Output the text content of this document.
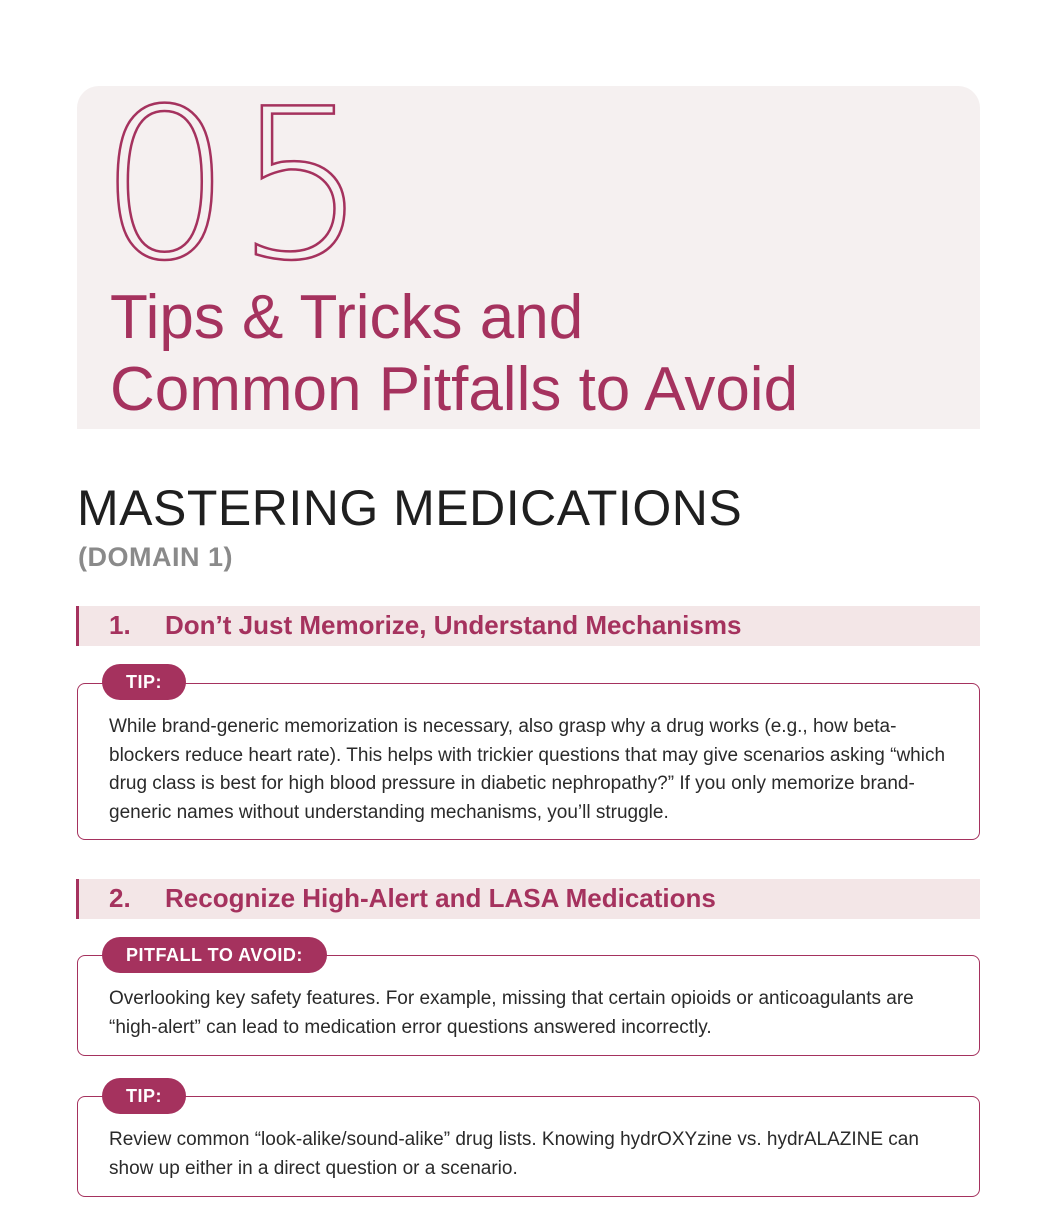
05
Tips & Tricks and
Common Pitfalls to Avoid
MASTERING MEDICATIONS
(DOMAIN 1)
1. Don’t Just Memorize, Understand Mechanisms

While brand-generic memorization is necessary, also grasp why a drug works (e.g., how beta-blockers reduce heart rate). This helps with trickier questions that may give scenarios asking “which drug class is best for high blood pressure in diabetic nephropathy?” If you only memorize brand-generic names without understanding mechanisms, you’ll struggle.

TIP:
2. Recognize High-Alert and LASA Medications

Overlooking key safety features. For example, missing that certain opioids or anticoagulants are “high-alert” can lead to medication error questions answered incorrectly.

PITFALL TO AVOID:

Review common “look-alike/sound-alike” drug lists. Knowing hydrOXYzine vs. hydrALAZINE can show up either in a direct question or a scenario.

TIP:
